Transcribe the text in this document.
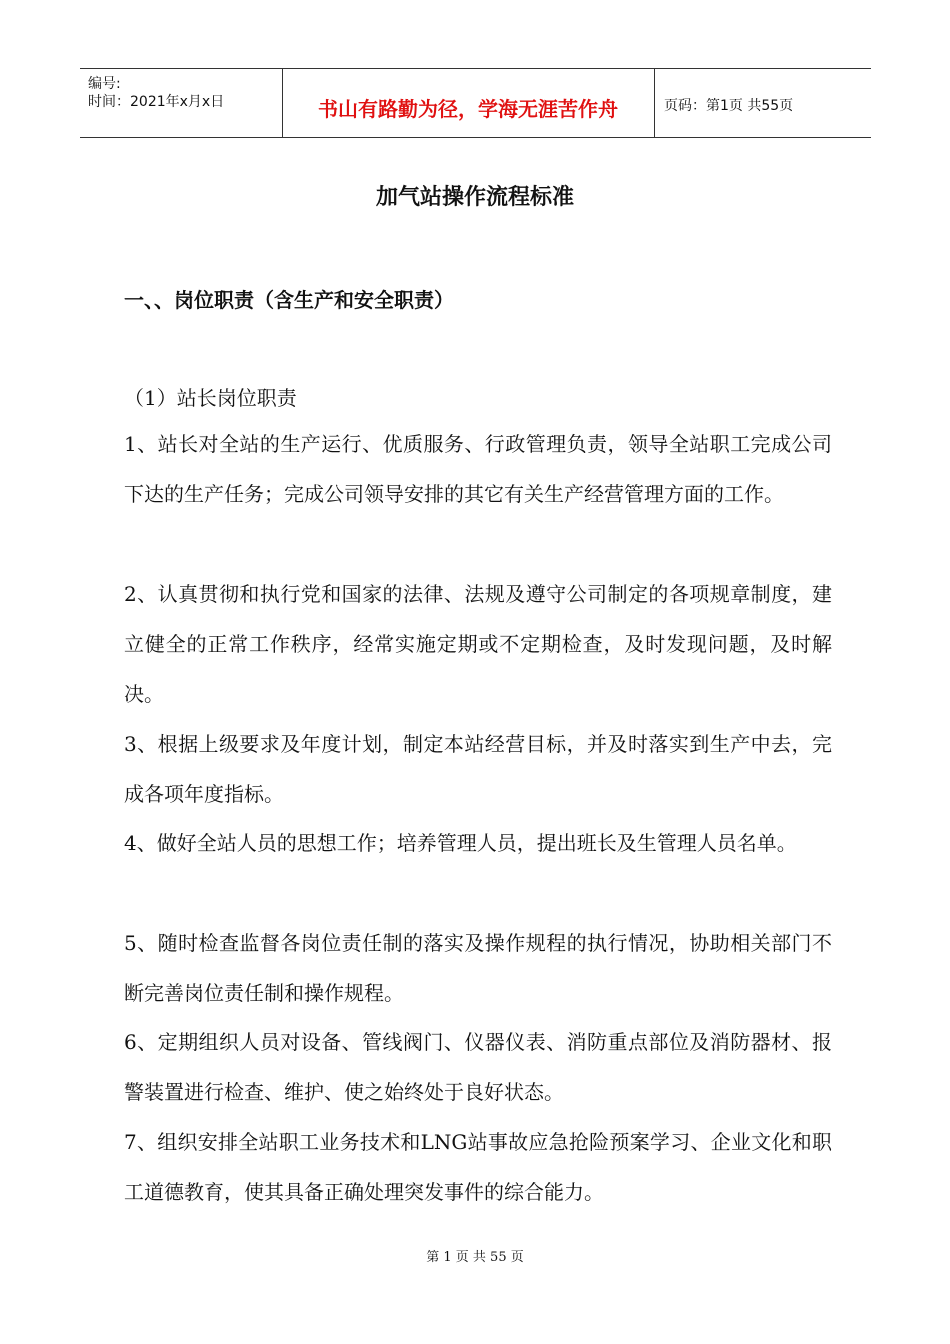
编号:
时间：2021年x月x日	书山有路勤为径，学海无涯苦作舟	页码：第1页 共55页
加气站操作流程标准
一、、岗位职责（含生产和安全职责）
（1）站长岗位职责

1、站长对全站的生产运行、优质服务、行政管理负责，领导全站职工完成公司下达的生产任务；完成公司领导安排的其它有关生产经营管理方面的工作。

2、认真贯彻和执行党和国家的法律、法规及遵守公司制定的各项规章制度，建立健全的正常工作秩序，经常实施定期或不定期检查，及时发现问题，及时解决。

3、根据上级要求及年度计划，制定本站经营目标，并及时落实到生产中去，完成各项年度指标。

4、做好全站人员的思想工作；培养管理人员，提出班长及生管理人员名单。

5、随时检查监督各岗位责任制的落实及操作规程的执行情况，协助相关部门不断完善岗位责任制和操作规程。

6、定期组织人员对设备、管线阀门、仪器仪表、消防重点部位及消防器材、报警装置进行检查、维护、使之始终处于良好状态。

7、组织安排全站职工业务技术和LNG站事故应急抢险预案学习、企业文化和职工道德教育，使其具备正确处理突发事件的综合能力。

第 1 页 共 55 页
